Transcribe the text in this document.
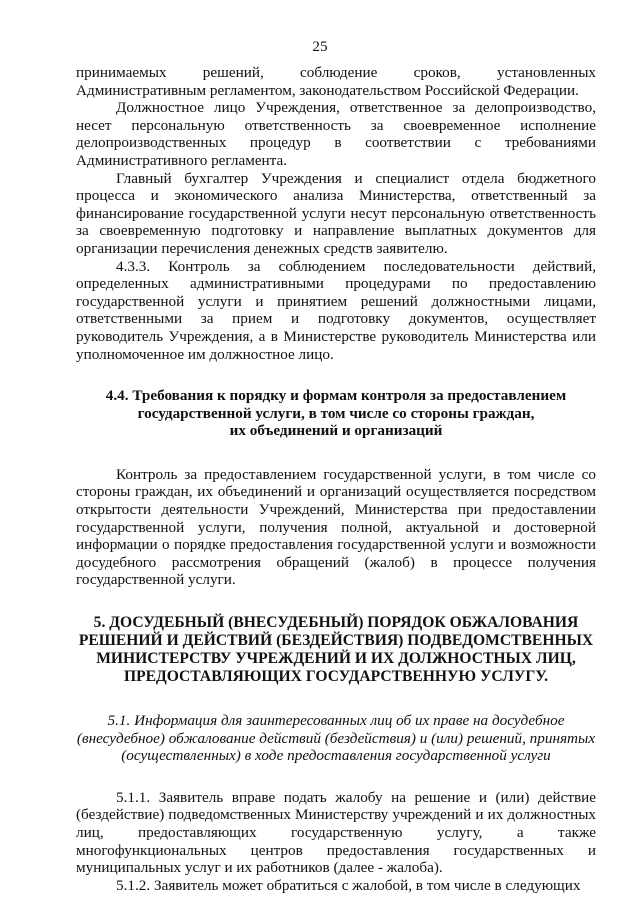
25

принимаемых решений, соблюдение сроков, установленных Административным регламентом, законодательством Российской Федерации.

Должностное лицо Учреждения, ответственное за делопроизводство, несет персональную ответственность за своевременное исполнение делопроизводственных процедур в соответствии с требованиями Административного регламента.

Главный бухгалтер Учреждения и специалист отдела бюджетного процесса и экономического анализа Министерства, ответственный за финансирование государственной услуги несут персональную ответственность за своевременную подготовку и направление выплатных документов для организации перечисления денежных средств заявителю.

4.3.3. Контроль за соблюдением последовательности действий, определенных административными процедурами по предоставлению государственной услуги и принятием решений должностными лицами, ответственными за прием и подготовку документов, осуществляет руководитель Учреждения, а в Министерстве руководитель Министерства или уполномоченное им должностное лицо.

4.4. Требования к порядку и формам контроля за предоставлением
государственной услуги, в том числе со стороны граждан,
их объединений и организаций

Контроль за предоставлением государственной услуги, в том числе со стороны граждан, их объединений и организаций осуществляется посредством открытости деятельности Учреждений, Министерства при предоставлении государственной услуги, получения полной, актуальной и достоверной информации о порядке предоставления государственной услуги и возможности досудебного рассмотрения обращений (жалоб) в процессе получения государственной услуги.

5. ДОСУДЕБНЫЙ (ВНЕСУДЕБНЫЙ) ПОРЯДОК ОБЖАЛОВАНИЯ
РЕШЕНИЙ И ДЕЙСТВИЙ (БЕЗДЕЙСТВИЯ) ПОДВЕДОМСТВЕННЫХ
МИНИСТЕРСТВУ УЧРЕЖДЕНИЙ И ИХ ДОЛЖНОСТНЫХ ЛИЦ,
ПРЕДОСТАВЛЯЮЩИХ ГОСУДАРСТВЕННУЮ УСЛУГУ.
5.1. Информация для заинтересованных лиц об их праве на досудебное
(внесудебное) обжалование действий (бездействия) и (или) решений, принятых
(осуществленных) в ходе предоставления государственной услуги

5.1.1. Заявитель вправе подать жалобу на решение и (или) действие (бездействие) подведомственных Министерству учреждений и их должностных лиц, предоставляющих государственную услугу, а также многофункциональных центров предоставления государственных и муниципальных услуг и их работников (далее - жалоба).

5.1.2. Заявитель может обратиться с жалобой, в том числе в следующих
